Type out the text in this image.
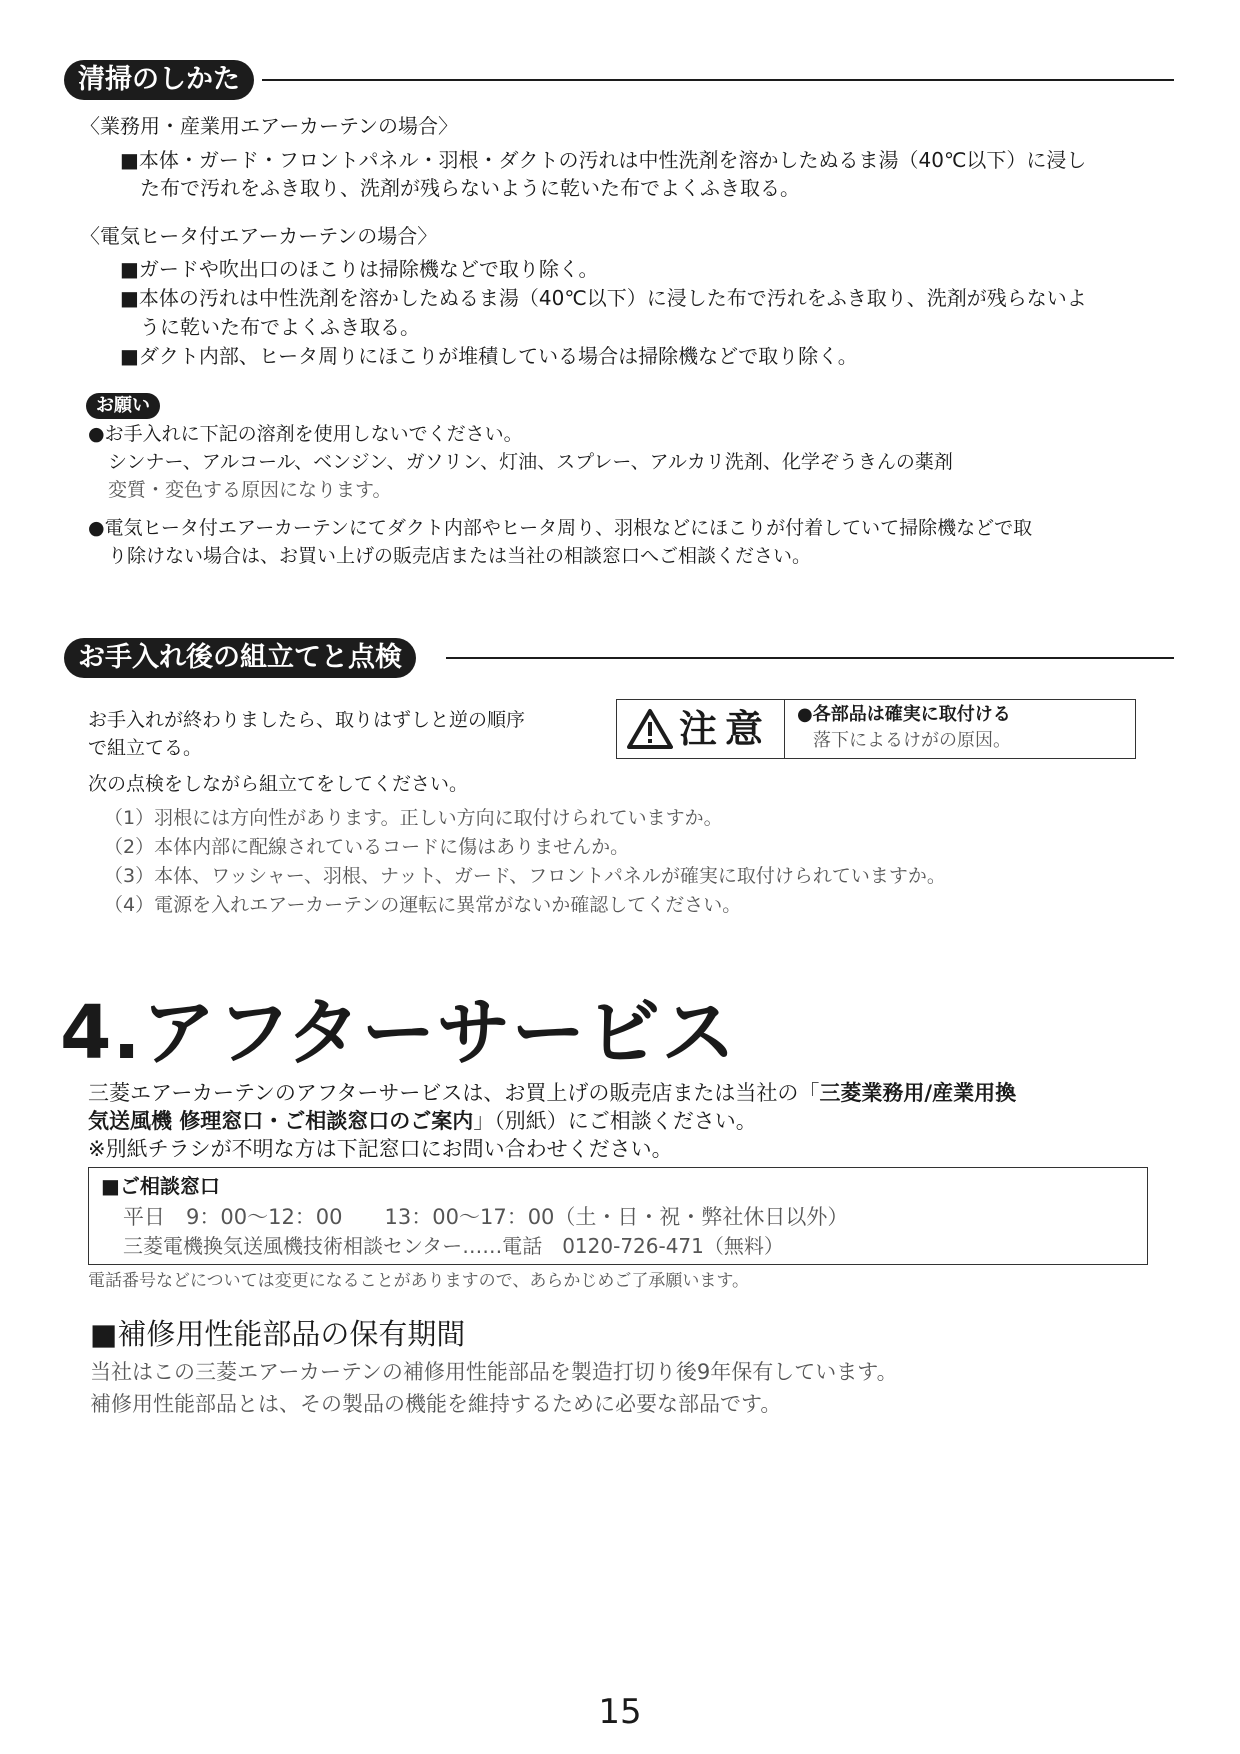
清掃のしかた
〈業務用・産業用エアーカーテンの場合〉
■本体・ガード・フロントパネル・羽根・ダクトの汚れは中性洗剤を溶かしたぬるま湯（40℃以下）に浸し
た布で汚れをふき取り、洗剤が残らないように乾いた布でよくふき取る。
〈電気ヒータ付エアーカーテンの場合〉
■ガードや吹出口のほこりは掃除機などで取り除く。
■本体の汚れは中性洗剤を溶かしたぬるま湯（40℃以下）に浸した布で汚れをふき取り、洗剤が残らないよ
うに乾いた布でよくふき取る。
■ダクト内部、ヒータ周りにほこりが堆積している場合は掃除機などで取り除く。
お願い
●お手入れに下記の溶剤を使用しないでください。
シンナー、アルコール、ベンジン、ガソリン、灯油、スプレー、アルカリ洗剤、化学ぞうきんの薬剤
変質・変色する原因になります。
●電気ヒータ付エアーカーテンにてダクト内部やヒータ周り、羽根などにほこりが付着していて掃除機などで取
り除けない場合は、お買い上げの販売店または当社の相談窓口へご相談ください。
お手入れ後の組立てと点検
お手入れが終わりましたら、取りはずしと逆の順序
で組立てる。	注意 ●各部品は確実に取付ける
落下によるけがの原因。
次の点検をしながら組立てをしてください。
（1）羽根には方向性があります。正しい方向に取付けられていますか。
（2）本体内部に配線されているコードに傷はありませんか。
（3）本体、ワッシャー、羽根、ナット、ガード、フロントパネルが確実に取付けられていますか。
（4）電源を入れエアーカーテンの運転に異常がないか確認してください。
4.アフターサービス
三菱エアーカーテンのアフターサービスは、お買上げの販売店または当社の「三菱業務用/産業用換
気送風機 修理窓口・ご相談窓口のご案内」（別紙）にご相談ください。
※別紙チラシが不明な方は下記窓口にお問い合わせください。
■ご相談窓口
平日　9：00～12：00　　13：00～17：00（土・日・祝・弊社休日以外）
三菱電機換気送風機技術相談センター……電話　0120-726-471（無料）
電話番号などについては変更になることがありますので、あらかじめご了承願います。
■補修用性能部品の保有期間
当社はこの三菱エアーカーテンの補修用性能部品を製造打切り後9年保有しています。
補修用性能部品とは、その製品の機能を維持するために必要な部品です。
15
